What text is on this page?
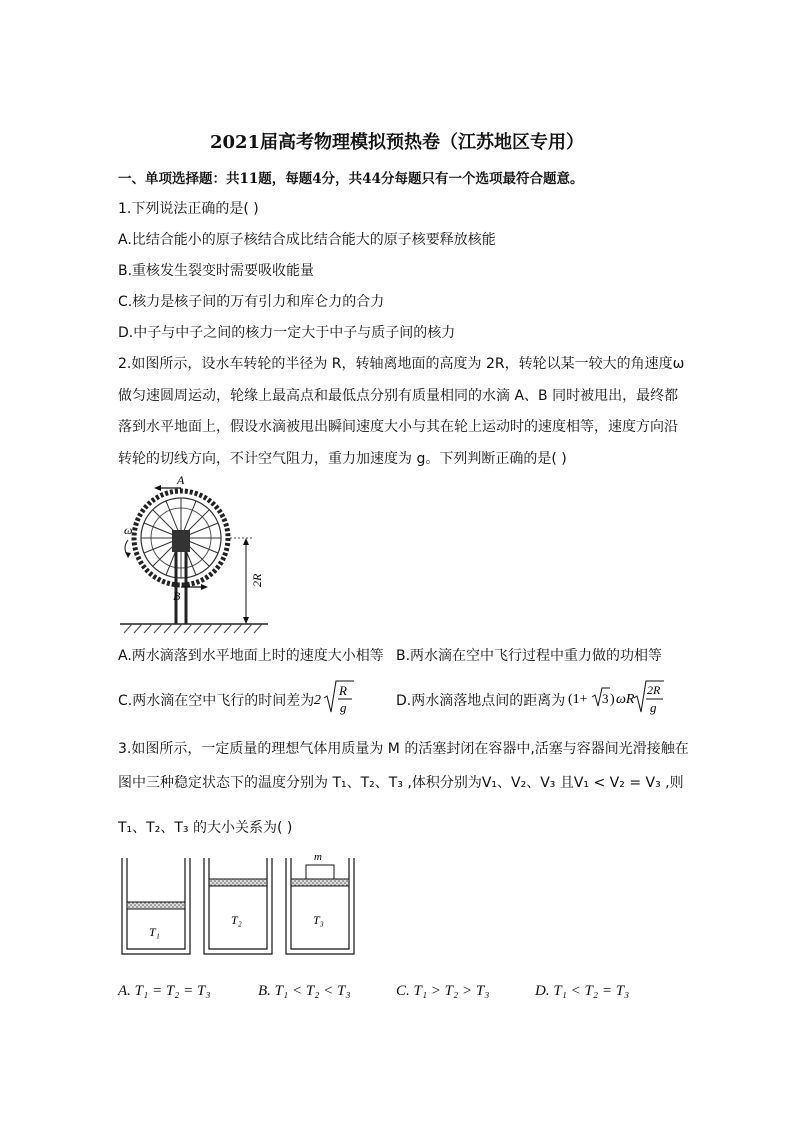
2021届高考物理模拟预热卷（江苏地区专用）
一、单项选择题：共11题，每题4分，共44分每题只有一个选项最符合题意。
1.下列说法正确的是( )
A.比结合能小的原子核结合成比结合能大的原子核要释放核能
B.重核发生裂变时需要吸收能量
C.核力是核子间的万有引力和库仑力的合力
D.中子与中子之间的核力一定大于中子与质子间的核力
2.如图所示，设水车转轮的半径为 R，转轴离地面的高度为 2R，转轮以某一较大的角速度ω
做匀速圆周运动，轮缘上最高点和最低点分别有质量相同的水滴 A、B 同时被甩出，最终都
落到水平地面上，假设水滴被甩出瞬间速度大小与其在轮上运动时的速度相等，速度方向沿
转轮的切线方向，不计空气阻力，重力加速度为 g。下列判断正确的是( )
A
B
ω
2R
A.两水滴落到水平地面上时的速度大小相等 B.两水滴在空中飞行过程中重力做的功相等
C.两水滴在空中飞行的时间差为 2
R
g	D.两水滴落地点间的距离为 (1+ 3 ) ωR
2R
g
3.如图所示，一定质量的理想气体用质量为 M 的活塞封闭在容器中,活塞与容器间光滑接触在
图中三种稳定状态下的温度分别为 T₁、T₂、T₃ ,体积分别为V₁、V₂、V₃ 且V₁ < V₂ = V₃ ,则
T₁、T₂、T₃ 的大小关系为( )
T₁
T₂
m
T₃
A. T₁ = T₂ = T₃	B. T₁ < T₂ < T₃	C. T₁ > T₂ > T₃	D. T₁ < T₂ = T₃
